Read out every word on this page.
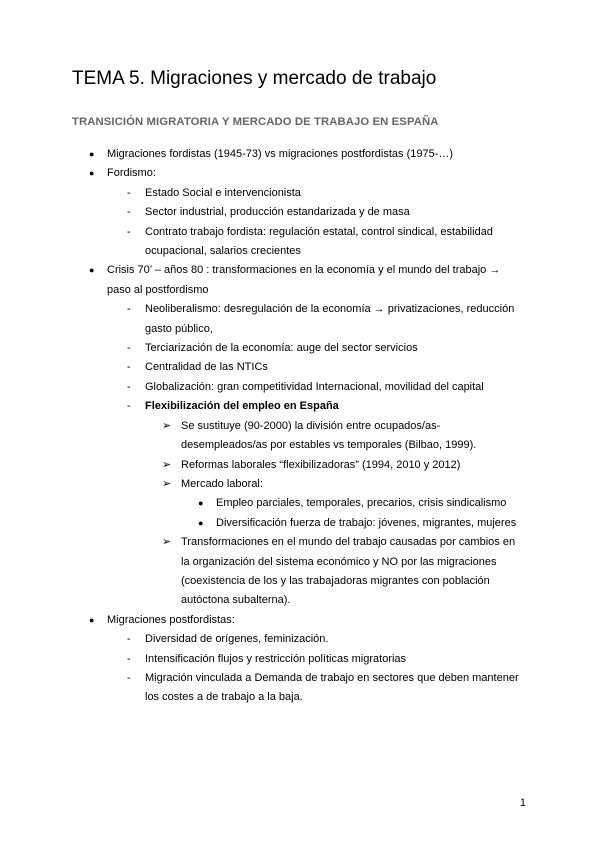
TEMA 5. Migraciones y mercado de trabajo
TRANSICIÓN MIGRATORIA Y MERCADO DE TRABAJO EN ESPAÑA
● Migraciones fordistas (1945-73) vs migraciones postfordistas (1975-…)
● Fordismo:
- Estado Social e intervencionista
- Sector industrial, producción estandarizada y de masa
- Contrato trabajo fordista: regulación estatal, control sindical, estabilidad
ocupacional, salarios crecientes
● Crisis 70’ – años 80 : transformaciones en la economía y el mundo del trabajo →
paso al postfordismo
- Neoliberalismo: desregulación de la economía → privatizaciones, reducción
gasto público,
- Terciarización de la economía: auge del sector servicios
- Centralidad de las NTICs
- Globalización: gran competitividad Internacional, movilidad del capital
- Flexibilización del empleo en España
➢ Se sustituye (90-2000) la división entre ocupados/as-
desempleados/as por estables vs temporales (Bilbao, 1999).
➢ Reformas laborales “flexibilizadoras” (1994, 2010 y 2012)
➢ Mercado laboral:
● Empleo parciales, temporales, precarios, crisis sindicalismo
● Diversificación fuerza de trabajo: jóvenes, migrantes, mujeres
➢ Transformaciones en el mundo del trabajo causadas por cambios en
la organización del sistema económico y NO por las migraciones
(coexistencia de los y las trabajadoras migrantes con población
autóctona subalterna).
● Migraciones postfordistas:
- Diversidad de orígenes, feminización.
- Intensificación flujos y restricción políticas migratorias
- Migración vinculada a Demanda de trabajo en sectores que deben mantener
los costes a de trabajo a la baja.
1
